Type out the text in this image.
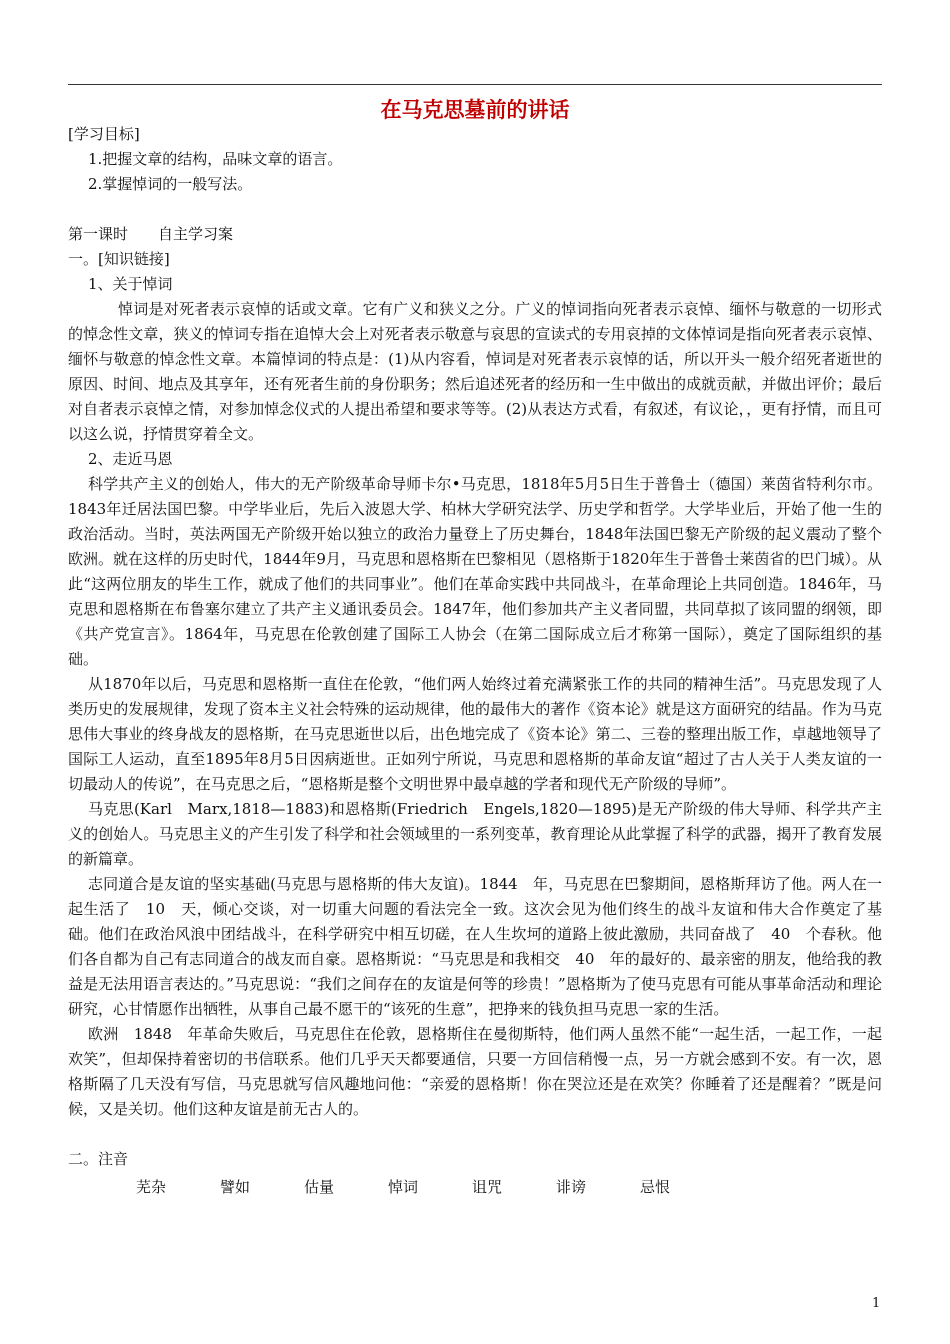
在马克思墓前的讲话
[学习目标]
1.把握文章的结构，品味文章的语言。
2.掌握悼词的一般写法。
第一课时　　自主学习案
一。[知识链接]
1、关于悼词
悼词是对死者表示哀悼的话或文章。它有广义和狭义之分。广义的悼词指向死者表示哀悼、缅怀与敬意的一切形式的悼念性文章，狭义的悼词专指在追悼大会上对死者表示敬意与哀思的宣读式的专用哀掉的文体悼词是指向死者表示哀悼、缅怀与敬意的悼念性文章。本篇悼词的特点是：(1)从内容看，悼词是对死者表示哀悼的话，所以开头一般介绍死者逝世的原因、时间、地点及其享年，还有死者生前的身份职务；然后追述死者的经历和一生中做出的成就贡献，并做出评价；最后对自者表示哀悼之情，对参加悼念仪式的人提出希望和要求等等。(2)从表达方式看，有叙述，有议论，，更有抒情，而且可以这么说，抒情贯穿着全文。
2、走近马恩
科学共产主义的创始人，伟大的无产阶级革命导师卡尔•马克思，1818年5月5日生于普鲁士（德国）莱茵省特利尔市。1843年迁居法国巴黎。中学毕业后，先后入波恩大学、柏林大学研究法学、历史学和哲学。大学毕业后，开始了他一生的政治活动。当时，英法两国无产阶级开始以独立的政治力量登上了历史舞台，1848年法国巴黎无产阶级的起义震动了整个欧洲。就在这样的历史时代，1844年9月，马克思和恩格斯在巴黎相见（恩格斯于1820年生于普鲁士莱茵省的巴门城）。从此“这两位朋友的毕生工作，就成了他们的共同事业”。他们在革命实践中共同战斗，在革命理论上共同创造。1846年，马克思和恩格斯在布鲁塞尔建立了共产主义通讯委员会。1847年，他们参加共产主义者同盟，共同草拟了该同盟的纲领，即《共产党宣言》。1864年，马克思在伦敦创建了国际工人协会（在第二国际成立后才称第一国际），奠定了国际组织的基础。
从1870年以后，马克思和恩格斯一直住在伦敦，“他们两人始终过着充满紧张工作的共同的精神生活”。马克思发现了人类历史的发展规律，发现了资本主义社会特殊的运动规律，他的最伟大的著作《资本论》就是这方面研究的结晶。作为马克思伟大事业的终身战友的恩格斯，在马克思逝世以后，出色地完成了《资本论》第二、三卷的整理出版工作，卓越地领导了国际工人运动，直至1895年8月5日因病逝世。正如列宁所说，马克思和恩格斯的革命友谊“超过了古人关于人类友谊的一切最动人的传说”，在马克思之后，“恩格斯是整个文明世界中最卓越的学者和现代无产阶级的导师”。
马克思(Karl　Marx,1818—1883)和恩格斯(Friedrich　Engels,1820—1895)是无产阶级的伟大导师、科学共产主义的创始人。马克思主义的产生引发了科学和社会领域里的一系列变革，教育理论从此掌握了科学的武器，揭开了教育发展的新篇章。
志同道合是友谊的坚实基础(马克思与恩格斯的伟大友谊)。1844　年，马克思在巴黎期间，恩格斯拜访了他。两人在一起生活了　10　天，倾心交谈，对一切重大问题的看法完全一致。这次会见为他们终生的战斗友谊和伟大合作奠定了基础。他们在政治风浪中团结战斗，在科学研究中相互切磋，在人生坎坷的道路上彼此激励，共同奋战了　40　个春秋。他们各自都为自己有志同道合的战友而自豪。恩格斯说：“马克思是和我相交　40　年的最好的、最亲密的朋友，他给我的教益是无法用语言表达的。”马克思说：“我们之间存在的友谊是何等的珍贵！”恩格斯为了使马克思有可能从事革命活动和理论研究，心甘情愿作出牺牲，从事自己最不愿干的“该死的生意”，把挣来的钱负担马克思一家的生活。
欧洲　1848　年革命失败后，马克思住在伦敦，恩格斯住在曼彻斯特，他们两人虽然不能“一起生活，一起工作，一起欢笑”，但却保持着密切的书信联系。他们几乎天天都要通信，只要一方回信稍慢一点，另一方就会感到不安。有一次，恩格斯隔了几天没有写信，马克思就写信风趣地问他：“亲爱的恩格斯！你在哭泣还是在欢笑？你睡着了还是醒着？”既是问候，又是关切。他们这种友谊是前无古人的。
二。注音
芜杂	譬如	估量	悼词	诅咒	诽谤	忌恨
1
